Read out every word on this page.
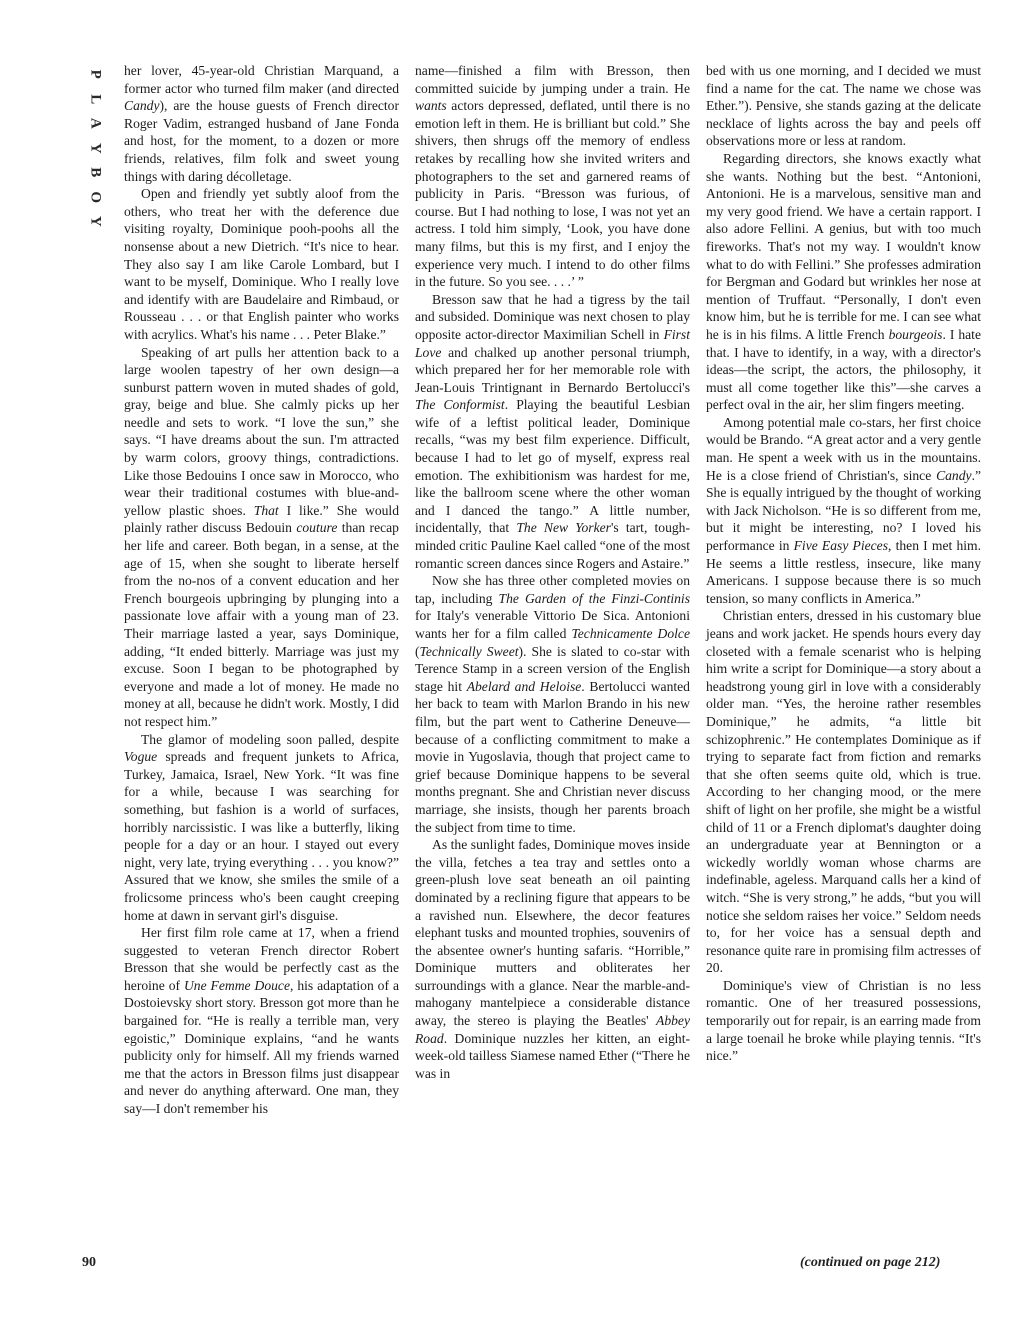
P
L
A
Y
B
O
Y

her lover, 45-year-old Christian Marquand, a former actor who turned film maker (and directed Candy), are the house guests of French director Roger Vadim, estranged husband of Jane Fonda and host, for the moment, to a dozen or more friends, relatives, film folk and sweet young things with daring décolletage.

Open and friendly yet subtly aloof from the others, who treat her with the deference due visiting royalty, Dominique pooh-poohs all the nonsense about a new Dietrich. “It's nice to hear. They also say I am like Carole Lombard, but I want to be myself, Dominique. Who I really love and identify with are Baudelaire and Rimbaud, or Rousseau . . . or that English painter who works with acrylics. What's his name . . . Peter Blake.”

Speaking of art pulls her attention back to a large woolen tapestry of her own design—a sunburst pattern woven in muted shades of gold, gray, beige and blue. She calmly picks up her needle and sets to work. “I love the sun,” she says. “I have dreams about the sun. I'm attracted by warm colors, groovy things, contradictions. Like those Bedouins I once saw in Morocco, who wear their traditional costumes with blue-and-yellow plastic shoes. That I like.” She would plainly rather discuss Bedouin couture than recap her life and career. Both began, in a sense, at the age of 15, when she sought to liberate herself from the no-nos of a convent education and her French bourgeois upbringing by plunging into a passionate love affair with a young man of 23. Their marriage lasted a year, says Dominique, adding, “It ended bitterly. Marriage was just my excuse. Soon I began to be photographed by everyone and made a lot of money. He made no money at all, because he didn't work. Mostly, I did not respect him.”

The glamor of modeling soon palled, despite Vogue spreads and frequent junkets to Africa, Turkey, Jamaica, Israel, New York. “It was fine for a while, because I was searching for something, but fashion is a world of surfaces, horribly narcissistic. I was like a butterfly, liking people for a day or an hour. I stayed out every night, very late, trying everything . . . you know?” Assured that we know, she smiles the smile of a frolicsome princess who's been caught creeping home at dawn in servant girl's disguise.

Her first film role came at 17, when a friend suggested to veteran French director Robert Bresson that she would be perfectly cast as the heroine of Une Femme Douce, his adaptation of a Dostoievsky short story. Bresson got more than he bargained for. “He is really a terrible man, very egoistic,” Dominique explains, “and he wants publicity only for himself. All my friends warned me that the actors in Bresson films just disappear and never do anything afterward. One man, they say—I don't remember his

name—finished a film with Bresson, then committed suicide by jumping under a train. He wants actors depressed, deflated, until there is no emotion left in them. He is brilliant but cold.” She shivers, then shrugs off the memory of endless retakes by recalling how she invited writers and photographers to the set and garnered reams of publicity in Paris. “Bresson was furious, of course. But I had nothing to lose, I was not yet an actress. I told him simply, ‘Look, you have done many films, but this is my first, and I enjoy the experience very much. I intend to do other films in the future. So you see. . . .’ ”

Bresson saw that he had a tigress by the tail and subsided. Dominique was next chosen to play opposite actor-director Maximilian Schell in First Love and chalked up another personal triumph, which prepared her for her memorable role with Jean-Louis Trintignant in Bernardo Bertolucci's The Conformist. Playing the beautiful Lesbian wife of a leftist political leader, Dominique recalls, “was my best film experience. Difficult, because I had to let go of myself, express real emotion. The exhibitionism was hardest for me, like the ballroom scene where the other woman and I danced the tango.” A little number, incidentally, that The New Yorker's tart, tough-minded critic Pauline Kael called “one of the most romantic screen dances since Rogers and Astaire.”

Now she has three other completed movies on tap, including The Garden of the Finzi-Continis for Italy's venerable Vittorio De Sica. Antonioni wants her for a film called Technicamente Dolce (Technically Sweet). She is slated to co-star with Terence Stamp in a screen version of the English stage hit Abelard and Heloise. Bertolucci wanted her back to team with Marlon Brando in his new film, but the part went to Catherine Deneuve—because of a conflicting commitment to make a movie in Yugoslavia, though that project came to grief because Dominique happens to be several months pregnant. She and Christian never discuss marriage, she insists, though her parents broach the subject from time to time.

As the sunlight fades, Dominique moves inside the villa, fetches a tea tray and settles onto a green-plush love seat beneath an oil painting dominated by a reclining figure that appears to be a ravished nun. Elsewhere, the decor features elephant tusks and mounted trophies, souvenirs of the absentee owner's hunting safaris. “Horrible,” Dominique mutters and obliterates her surroundings with a glance. Near the marble-and-mahogany mantelpiece a considerable distance away, the stereo is playing the Beatles' Abbey Road. Dominique nuzzles her kitten, an eight-week-old tailless Siamese named Ether (“There he was in

bed with us one morning, and I decided we must find a name for the cat. The name we chose was Ether.”). Pensive, she stands gazing at the delicate necklace of lights across the bay and peels off observations more or less at random.

Regarding directors, she knows exactly what she wants. Nothing but the best. “Antonioni, Antonioni. He is a marvelous, sensitive man and my very good friend. We have a certain rapport. I also adore Fellini. A genius, but with too much fireworks. That's not my way. I wouldn't know what to do with Fellini.” She professes admiration for Bergman and Godard but wrinkles her nose at mention of Truffaut. “Personally, I don't even know him, but he is terrible for me. I can see what he is in his films. A little French bourgeois. I hate that. I have to identify, in a way, with a director's ideas—the script, the actors, the philosophy, it must all come together like this”—she carves a perfect oval in the air, her slim fingers meeting.

Among potential male co-stars, her first choice would be Brando. “A great actor and a very gentle man. He spent a week with us in the mountains. He is a close friend of Christian's, since Candy.” She is equally intrigued by the thought of working with Jack Nicholson. “He is so different from me, but it might be interesting, no? I loved his performance in Five Easy Pieces, then I met him. He seems a little restless, insecure, like many Americans. I suppose because there is so much tension, so many conflicts in America.”

Christian enters, dressed in his customary blue jeans and work jacket. He spends hours every day closeted with a female scenarist who is helping him write a script for Dominique—a story about a headstrong young girl in love with a considerably older man. “Yes, the heroine rather resembles Dominique,” he admits, “a little bit schizophrenic.” He contemplates Dominique as if trying to separate fact from fiction and remarks that she often seems quite old, which is true. According to her changing mood, or the mere shift of light on her profile, she might be a wistful child of 11 or a French diplomat's daughter doing an undergraduate year at Bennington or a wickedly worldly woman whose charms are indefinable, ageless. Marquand calls her a kind of witch. “She is very strong,” he adds, “but you will notice she seldom raises her voice.” Seldom needs to, for her voice has a sensual depth and resonance quite rare in promising film actresses of 20.

Dominique's view of Christian is no less romantic. One of her treasured possessions, temporarily out for repair, is an earring made from a large toenail he broke while playing tennis. “It's nice.”

90	(continued on page 212)
